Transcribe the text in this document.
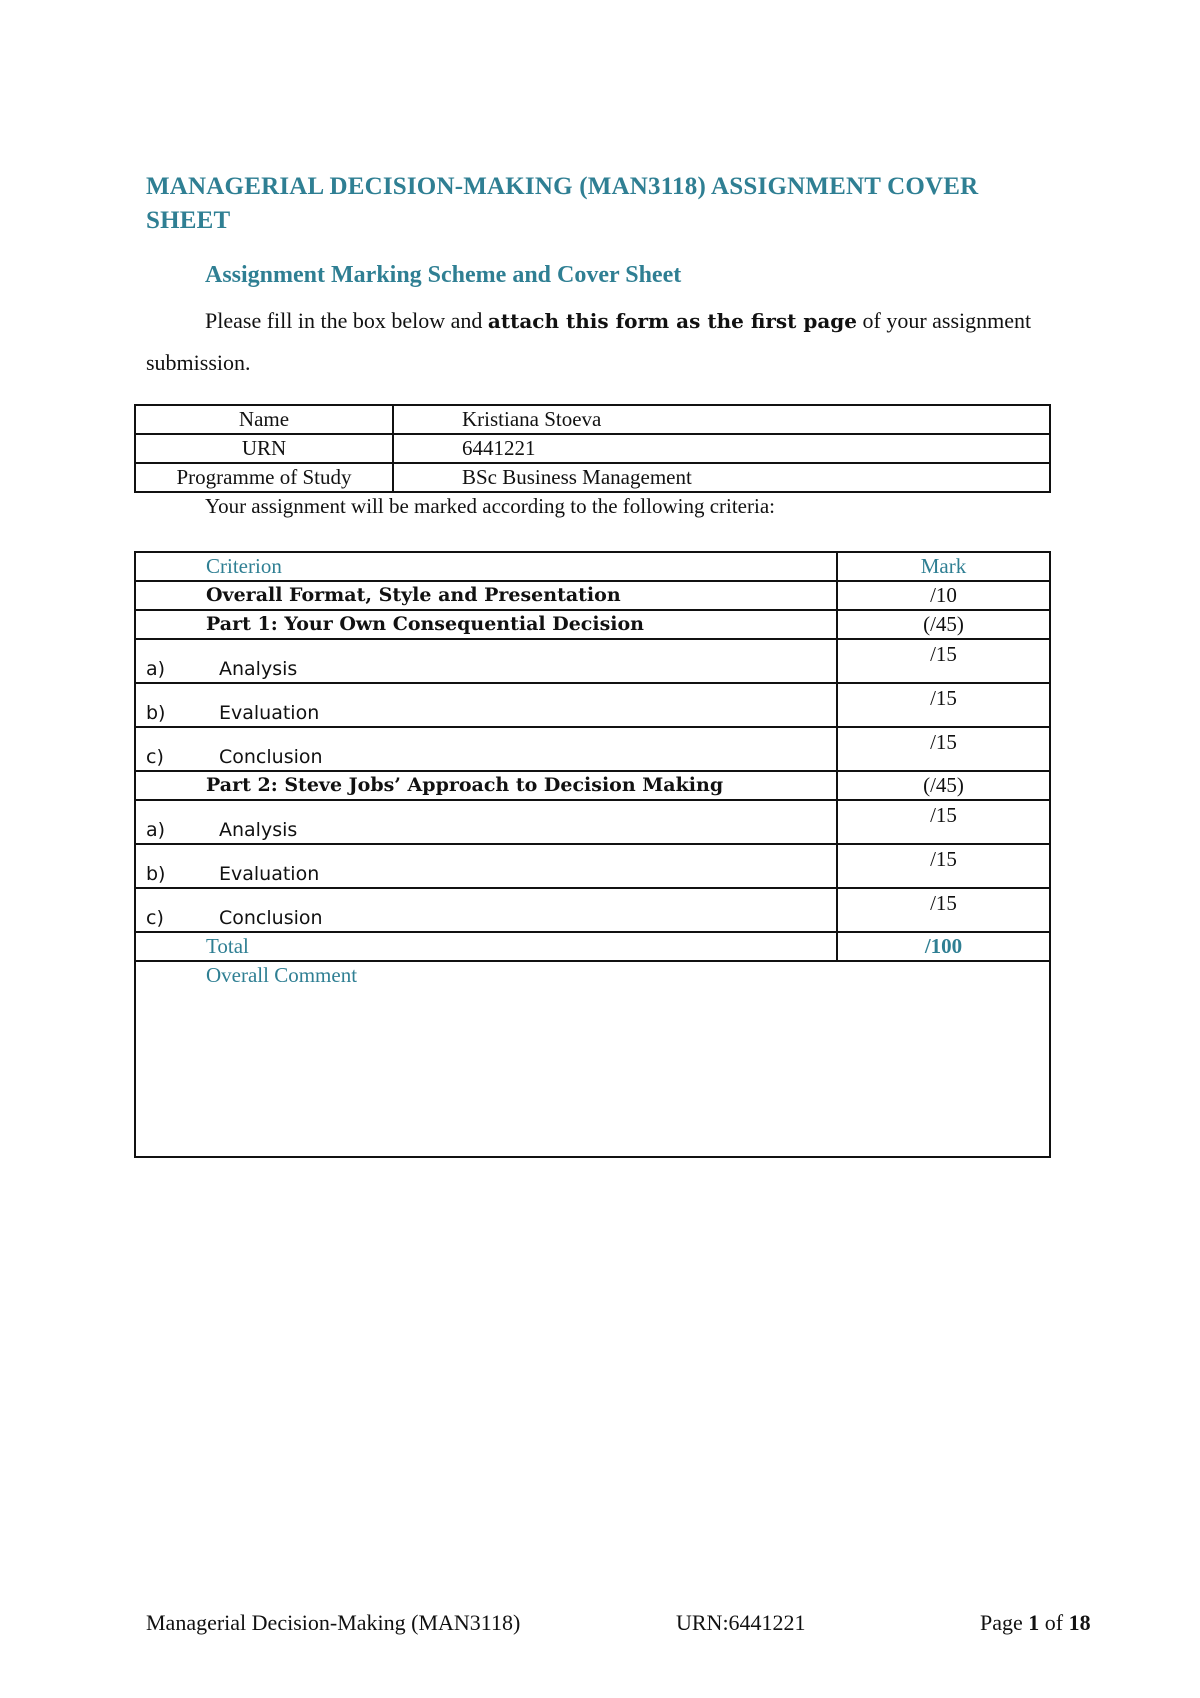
MANAGERIAL DECISION-MAKING (MAN3118) ASSIGNMENT COVER SHEET
Assignment Marking Scheme and Cover Sheet
Please fill in the box below and attach this form as the first page of your assignment submission.
Name	Kristiana Stoeva
URN	6441221
Programme of Study	BSc Business Management
Your assignment will be marked according to the following criteria:
Criterion	Mark
Overall Format, Style and Presentation	/10
Part 1: Your Own Consequential Decision	(/45)
a) Analysis	/15
b) Evaluation	/15
c) Conclusion	/15
Part 2: Steve Jobs’ Approach to Decision Making	(/45)
a) Analysis	/15
b) Evaluation	/15
c) Conclusion	/15
Total	/100
Overall Comment	
Managerial Decision-Making (MAN3118)	URN:6441221	Page 1 of 18
